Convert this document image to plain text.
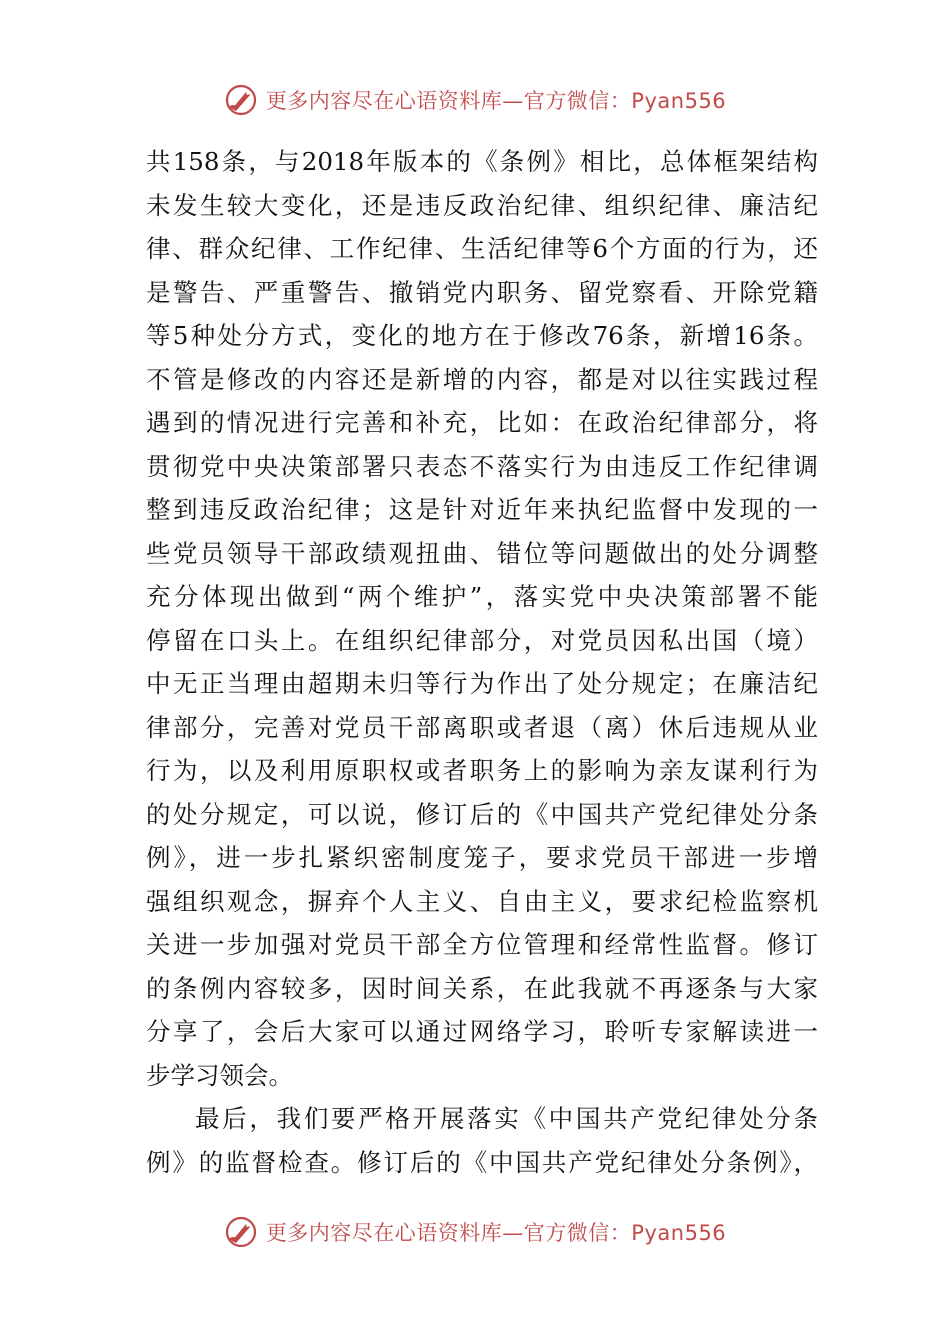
更多内容尽在心语资料库—官方微信：Pyan556
共158条，与2018年版本的《条例》相比，总体框架结构
未发生较大变化，还是违反政治纪律、组织纪律、廉洁纪
律、群众纪律、工作纪律、生活纪律等6个方面的行为，还
是警告、严重警告、撤销党内职务、留党察看、开除党籍
等5种处分方式，变化的地方在于修改76条，新增16条。
不管是修改的内容还是新增的内容，都是对以往实践过程
遇到的情况进行完善和补充，比如：在政治纪律部分，将
贯彻党中央决策部署只表态不落实行为由违反工作纪律调
整到违反政治纪律；这是针对近年来执纪监督中发现的一
些党员领导干部政绩观扭曲、错位等问题做出的处分调整
充分体现出做到“两个维护”，落实党中央决策部署不能
停留在口头上。在组织纪律部分，对党员因私出国（境）
中无正当理由超期未归等行为作出了处分规定；在廉洁纪
律部分，完善对党员干部离职或者退（离）休后违规从业
行为，以及利用原职权或者职务上的影响为亲友谋利行为
的处分规定，可以说，修订后的《中国共产党纪律处分条
例》，进一步扎紧织密制度笼子，要求党员干部进一步增
强组织观念，摒弃个人主义、自由主义，要求纪检监察机
关进一步加强对党员干部全方位管理和经常性监督。修订
的条例内容较多，因时间关系，在此我就不再逐条与大家
分享了，会后大家可以通过网络学习，聆听专家解读进一
步学习领会。
最后，我们要严格开展落实《中国共产党纪律处分条
例》的监督检查。修订后的《中国共产党纪律处分条例》，
更多内容尽在心语资料库—官方微信：Pyan556
